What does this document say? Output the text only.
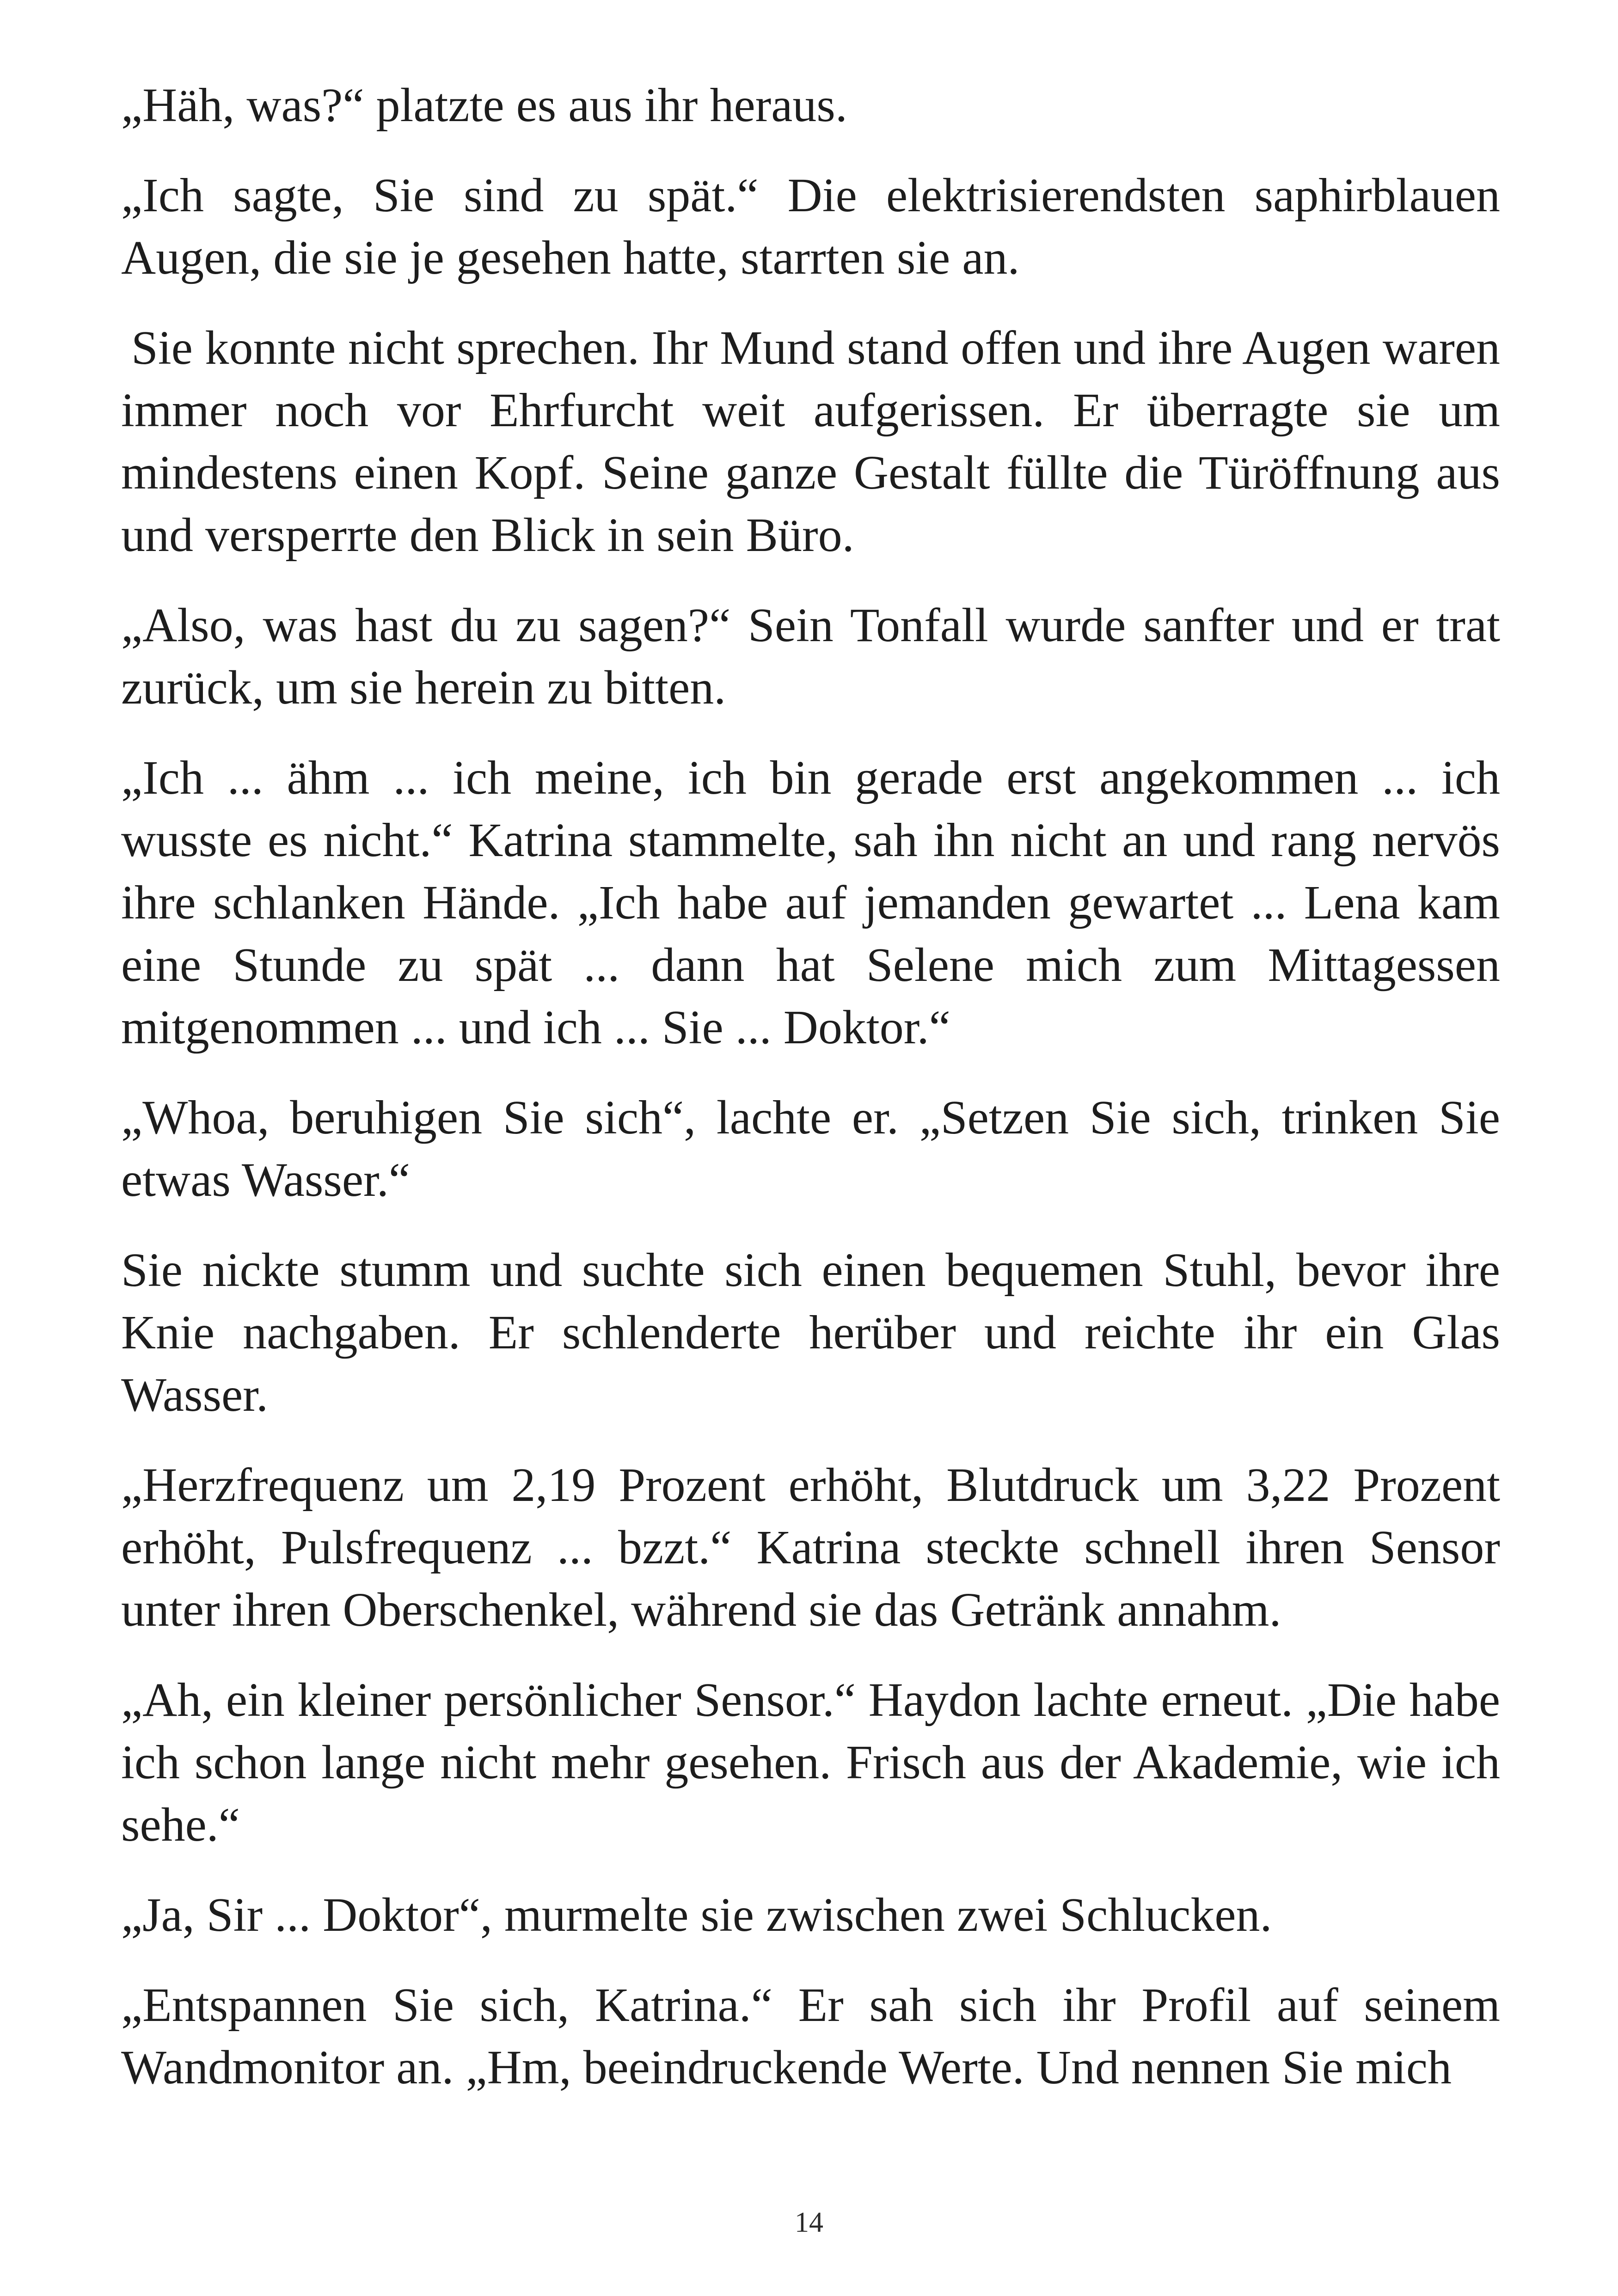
„Häh, was?“ platzte es aus ihr heraus.

„Ich sagte, Sie sind zu spät.“ Die elektrisierendsten saphirblauen Augen, die sie je gesehen hatte, starrten sie an.

Sie konnte nicht sprechen. Ihr Mund stand offen und ihre Augen waren immer noch vor Ehrfurcht weit aufgerissen. Er überragte sie um mindestens einen Kopf. Seine ganze Gestalt füllte die Türöffnung aus und versperrte den Blick in sein Büro.

„Also, was hast du zu sagen?“ Sein Tonfall wurde sanfter und er trat zurück, um sie herein zu bitten.

„Ich ... ähm ... ich meine, ich bin gerade erst angekommen ... ich wusste es nicht.“ Katrina stammelte, sah ihn nicht an und rang nervös ihre schlanken Hände. „Ich habe auf jemanden gewartet ... Lena kam eine Stunde zu spät ... dann hat Selene mich zum Mittagessen mitgenommen ... und ich ... Sie ... Doktor.“

„Whoa, beruhigen Sie sich“, lachte er. „Setzen Sie sich, trinken Sie etwas Wasser.“

Sie nickte stumm und suchte sich einen bequemen Stuhl, bevor ihre Knie nachgaben. Er schlenderte herüber und reichte ihr ein Glas Wasser.

„Herzfrequenz um 2,19 Prozent erhöht, Blutdruck um 3,22 Prozent erhöht, Pulsfrequenz ... bzzt.“ Katrina steckte schnell ihren Sensor unter ihren Oberschenkel, während sie das Getränk annahm.

„Ah, ein kleiner persönlicher Sensor.“ Haydon lachte erneut. „Die habe ich schon lange nicht mehr gesehen. Frisch aus der Akademie, wie ich sehe.“

„Ja, Sir ... Doktor“, murmelte sie zwischen zwei Schlucken.

„Entspannen Sie sich, Katrina.“ Er sah sich ihr Profil auf seinem Wandmonitor an. „Hm, beeindruckende Werte. Und nennen Sie mich

14
